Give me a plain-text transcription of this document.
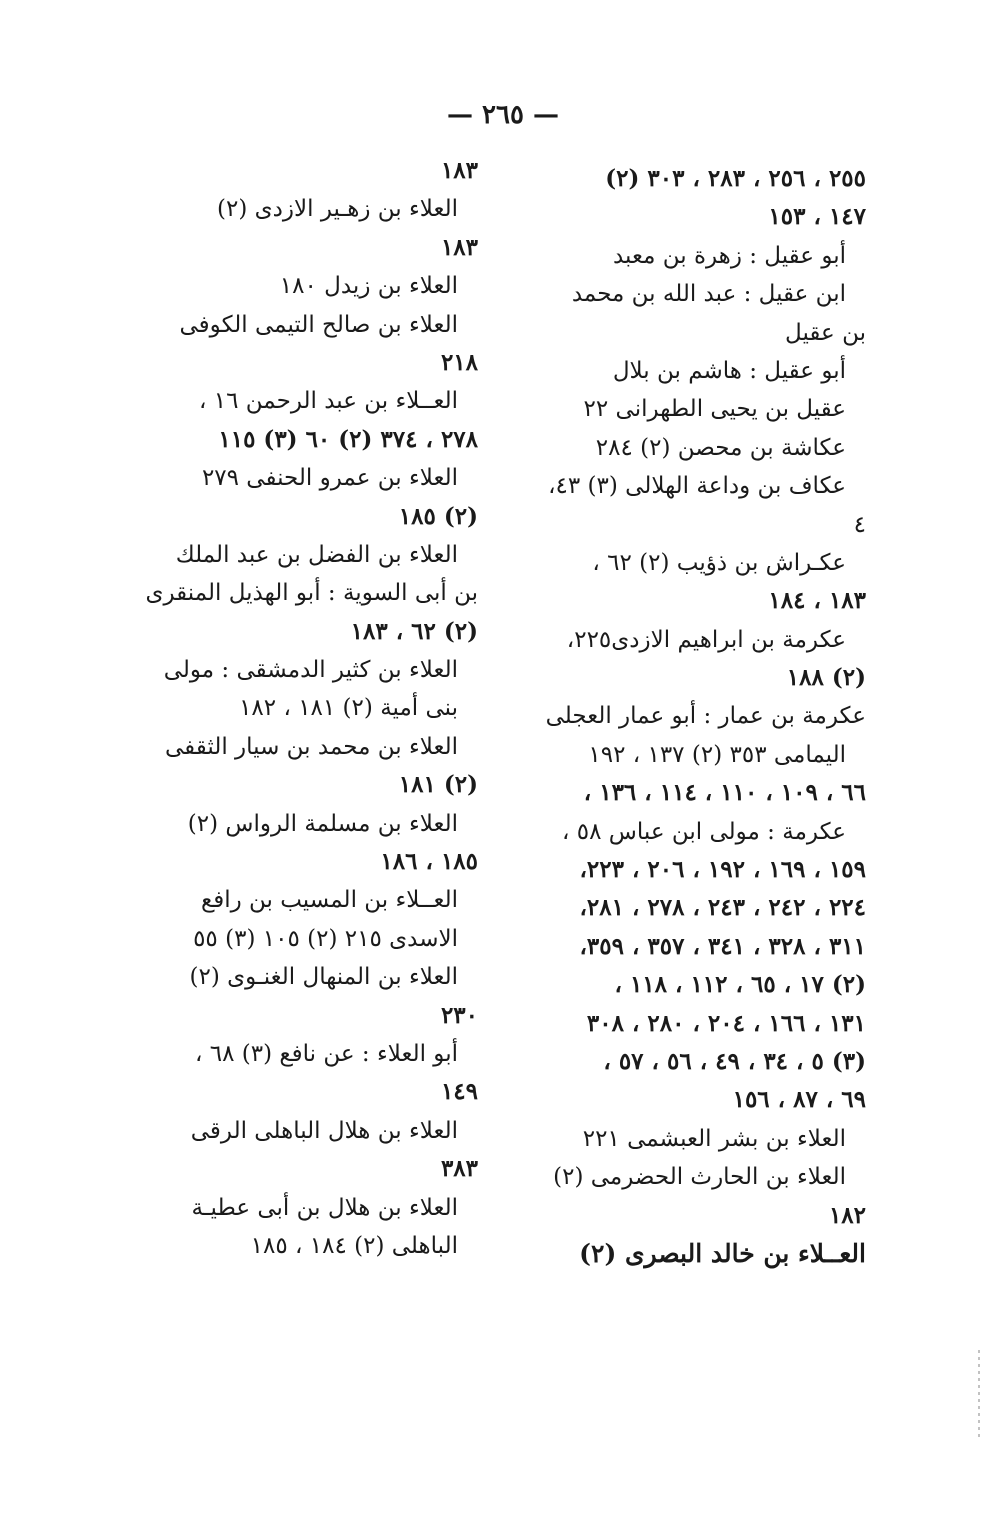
— ٢٦٥ —
٢٥٥ ، ٢٥٦ ، ٢٨٣ ، ٣٠٣ (٢)
١٤٧ ، ١٥٣
أبو عقيل : زهرة بن معبد
ابن عقيل : عبد الله بن محمد
بن عقيل
أبو عقيل : هاشم بن بلال
عقيل بن يحيى الطهرانى ٢٢
عكاشة بن محصن (٢) ٢٨٤
عكاف بن وداعة الهلالى (٣) ٤٣،
٤
عكـراش بن ذؤيب (٢) ٦٢ ،
١٨٣ ، ١٨٤
عكرمة بن ابراهيم الازدى٢٢٥،
(٢) ١٨٨
عكرمة بن عمار : أبو عمار العجلى
اليمامى ٣٥٣ (٢) ١٣٧ ، ١٩٢
٦٦ ، ١٠٩ ، ١١٠ ، ١١٤ ، ١٣٦ ،
عكرمة : مولى ابن عباس ٥٨ ،
١٥٩ ، ١٦٩ ، ١٩٢ ، ٢٠٦ ، ٢٢٣،
٢٢٤ ، ٢٤٢ ، ٢٤٣ ، ٢٧٨ ، ٢٨١،
٣١١ ، ٣٢٨ ، ٣٤١ ، ٣٥٧ ، ٣٥٩،
(٢) ١٧ ، ٦٥ ، ١١٢ ، ١١٨ ،
١٣١ ، ١٦٦ ، ٢٠٤ ، ٢٨٠ ، ٣٠٨
(٣) ٥ ، ٣٤ ، ٤٩ ، ٥٦ ، ٥٧ ،
٦٩ ، ٨٧ ، ١٥٦
العلاء بن بشر العبشمى ٢٢١
العلاء بن الحارث الحضرمى (٢)
١٨٢
العــلاء بن خالد البصرى (٢)
١٨٣
العلاء بن زهـير الازدى (٢)
١٨٣
العلاء بن زيدل ١٨٠
العلاء بن صالح التيمى الكوفى
٢١٨
العــلاء بن عبد الرحمن ١٦ ،
٢٧٨ ، ٣٧٤ (٢) ٦٠ (٣) ١١٥
العلاء بن عمرو الحنفى ٢٧٩
(٢) ١٨٥
العلاء بن الفضل بن عبد الملك
بن أبى السوية : أبو الهذيل المنقرى
(٢) ٦٢ ، ١٨٣
العلاء بن كثير الدمشقى : مولى
بنى أمية (٢) ١٨١ ، ١٨٢
العلاء بن محمد بن سيار الثقفى
(٢) ١٨١
العلاء بن مسلمة الرواس (٢)
١٨٥ ، ١٨٦
العــلاء بن المسيب بن رافع
الاسدى ٢١٥ (٢) ١٠٥ (٣) ٥٥
العلاء بن المنهال الغنـوى (٢)
٢٣٠
أبو العلاء : عن نافع (٣) ٦٨ ،
١٤٩
العلاء بن هلال الباهلى الرقى
٣٨٣
العلاء بن هلال بن أبى عطيـة
الباهلى (٢) ١٨٤ ، ١٨٥
